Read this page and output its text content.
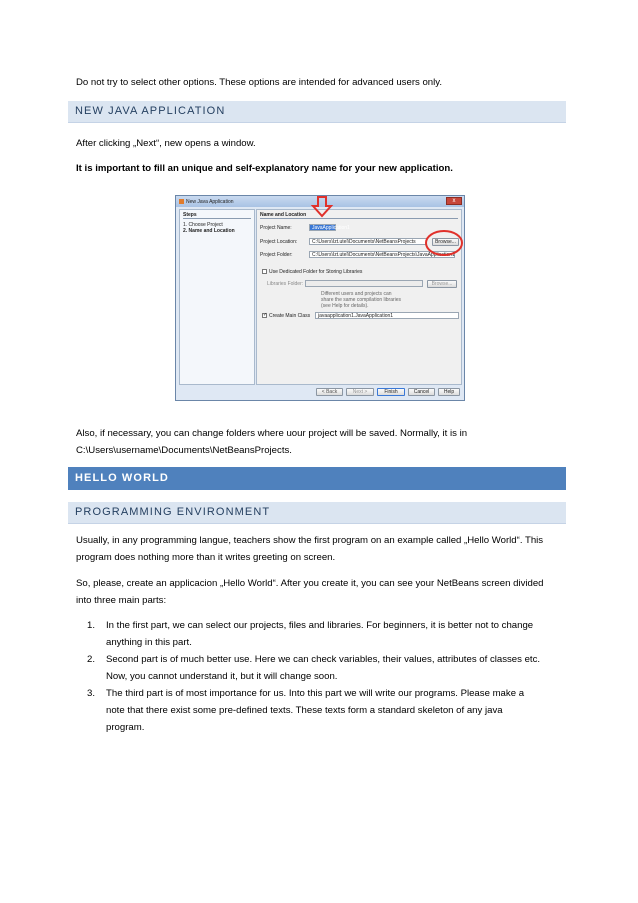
Do not try to select other options. These options are intended for advanced users only.

NEW JAVA APPLICATION

After clicking „Next“, new opens a window.

It is important to fill an unique and self-explanatory name for your new application.

New Java Application	x
Steps
1. Choose Project
2. Name and Location
Name and Location
Project Name:	JavaApplication1
Project Location:	C:\Users\Izt.utel\Documents\NetBeansProjects	Browse...
Project Folder:	C:\Users\Izt.utel\Documents\NetBeansProjects\JavaApplication1
Use Dedicated Folder for Storing Libraries
Libraries Folder:	Browse...
Different users and projects can share the same compilation libraries (see Help for details).
✓ Create Main Class	javaapplication1.JavaApplication1
< Back	Next >	Finish	Cancel	Help

Also, if necessary, you can change folders where uour project will be saved. Normally, it is in

C:\Users\username\Documents\NetBeansProjects.

HELLO WORLD
PROGRAMMING ENVIRONMENT

Usually, in any programming langue, teachers show the first program on an example called „Hello World“. This

program does nothing more than it writes greeting on screen.

So, please, create an applicacion „Hello World“. After you create it, you can see your NetBeans screen divided

into three main parts:

1. In the first part, we can select our projects, files and libraries. For beginners, it is better not to change
anything in this part.
2. Second part is of much better use. Here we can check variables, their values, attributes of classes etc.
Now, you cannot understand it, but it will change soon.
3. The third part is of most importance for us. Into this part we will write our programs. Please make a
note that there exist some pre-defined texts. These texts form a standard skeleton of any java
program.
